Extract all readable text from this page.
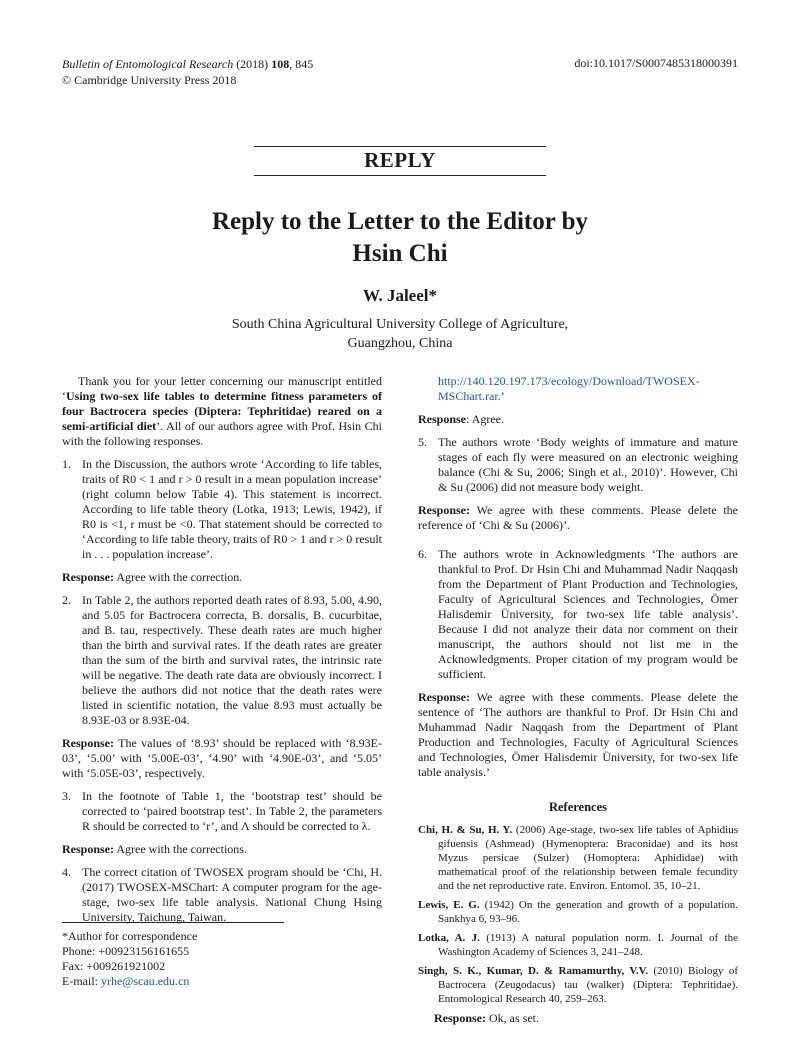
Bulletin of Entomological Research (2018) 108, 845
© Cambridge University Press 2018
doi:10.1017/S0007485318000391
REPLY
Reply to the Letter to the Editor by
Hsin Chi
W. Jaleel*
South China Agricultural University College of Agriculture,
Guangzhou, China

Thank you for your letter concerning our manuscript entitled ‘Using two-sex life tables to determine fitness parameters of four Bactrocera species (Diptera: Tephritidae) reared on a semi-artificial diet’. All of our authors agree with Prof. Hsin Chi with the following responses.

1. In the Discussion, the authors wrote ‘According to life tables, traits of R0 < 1 and r > 0 result in a mean population increase’ (right column below Table 4). This statement is incorrect. According to life table theory (Lotka, 1913; Lewis, 1942), if R0 is <1, r must be <0. That statement should be corrected to ‘According to life table theory, traits of R0 > 1 and r > 0 result in . . . population increase’.

Response: Agree with the correction.

2. In Table 2, the authors reported death rates of 8.93, 5.00, 4.90, and 5.05 for Bactrocera correcta, B. dorsalis, B. cucurbitae, and B. tau, respectively. These death rates are much higher than the birth and survival rates. If the death rates are greater than the sum of the birth and survival rates, the intrinsic rate will be negative. The death rate data are obviously incorrect. I believe the authors did not notice that the death rates were listed in scientific notation, the value 8.93 must actually be 8.93E-03 or 8.93E-04.

Response: The values of ‘8.93’ should be replaced with ‘8.93E-03’, ‘5.00’ with ‘5.00E-03’, ‘4.90’ with ‘4.90E-03’, and ‘5.05’ with ‘5.05E-03’, respectively.

3. In the footnote of Table 1, the ‘bootstrap test’ should be corrected to ‘paired bootstrap test’. In Table 2, the parameters R should be corrected to ‘r’, and Λ should be corrected to λ.

Response: Agree with the corrections.

4. The correct citation of TWOSEX program should be ‘Chi, H. (2017) TWOSEX-MSChart: A computer program for the age-stage, two-sex life table analysis. National Chung Hsing University, Taichung, Taiwan.
*Author for correspondence
Phone: +00923156161655
Fax: +009261921002
E-mail: yrhe@scau.edu.cn

http://140.120.197.173/ecology/Download/TWOSEX-MSChart.rar.’

Response: Agree.

5. The authors wrote ‘Body weights of immature and mature stages of each fly were measured on an electronic weighing balance (Chi & Su, 2006; Singh et al., 2010)’. However, Chi & Su (2006) did not measure body weight.

Response: We agree with these comments. Please delete the reference of ‘Chi & Su (2006)’.

6. The authors wrote in Acknowledgments ‘The authors are thankful to Prof. Dr Hsin Chi and Muhammad Nadir Naqqash from the Department of Plant Production and Technologies, Faculty of Agricultural Sciences and Technologies, Ömer Halisdemir Üniversity, for two-sex life table analysis’. Because I did not analyze their data nor comment on their manuscript, the authors should not list me in the Acknowledgments. Proper citation of my program would be sufficient.

Response: We agree with these comments. Please delete the sentence of ‘The authors are thankful to Prof. Dr Hsin Chi and Muhammad Nadir Naqqash from the Department of Plant Production and Technologies, Faculty of Agricultural Sciences and Technologies, Ömer Halisdemir Üniversity, for two-sex life table analysis.’

References
Chi, H. & Su, H. Y. (2006) Age-stage, two-sex life tables of Aphidius gifuensis (Ashmead) (Hymenoptera: Braconidae) and its host Myzus persicae (Sulzer) (Homoptera: Aphididae) with mathematical proof of the relationship between female fecundity and the net reproductive rate. Environ. Entomol. 35, 10–21.
Lewis, E. G. (1942) On the generation and growth of a population. Sankhya 6, 93–96.
Lotka, A. J. (1913) A natural population norm. I. Journal of the Washington Academy of Sciences 3, 241–248.
Singh, S. K., Kumar, D. & Ramamurthy, V.V. (2010) Biology of Bactrocera (Zeugodacus) tau (walker) (Diptera: Tephritidae). Entomological Research 40, 259–263.

Response: Ok, as set.
